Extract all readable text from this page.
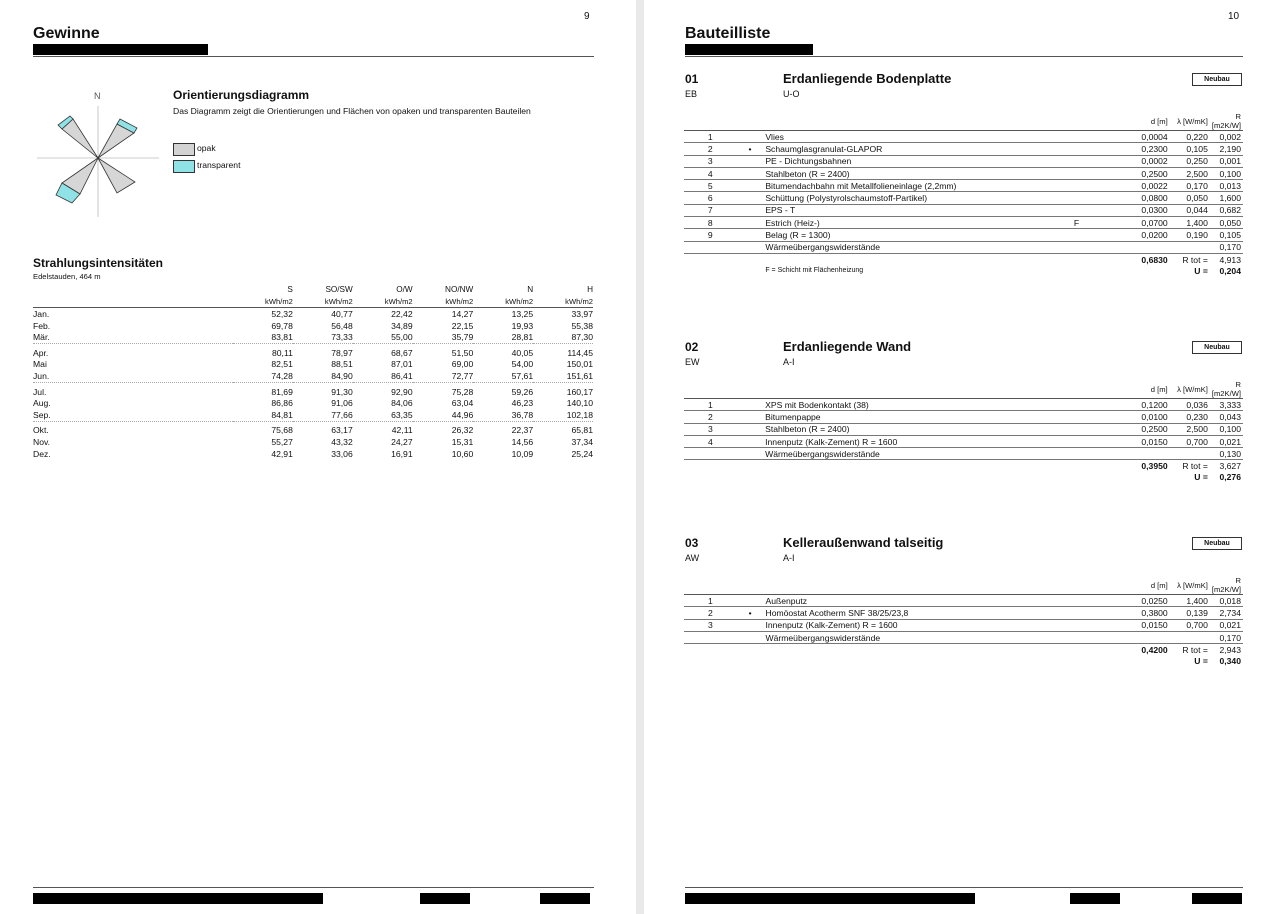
9
Gewinne
N	Orientierungsdiagramm
Das Diagramm zeigt die Orientierungen und Flächen von opaken und transparenten Bauteilen
opak
transparent
Strahlungsintensitäten
Edelstauden, 464 m
	S	SO/SW	O/W	NO/NW	N	H
	kWh/m2	kWh/m2	kWh/m2	kWh/m2	kWh/m2	kWh/m2
Jan.	52,32	40,77	22,42	14,27	13,25	33,97
Feb.	69,78	56,48	34,89	22,15	19,93	55,38
Mär.	83,81	73,33	55,00	35,79	28,81	87,30
Apr.	80,11	78,97	68,67	51,50	40,05	114,45
Mai	82,51	88,51	87,01	69,00	54,00	150,01
Jun.	74,28	84,90	86,41	72,77	57,61	151,61
Jul.	81,69	91,30	92,90	75,28	59,26	160,17
Aug.	86,86	91,06	84,06	63,04	46,23	140,10
Sep.	84,81	77,66	63,35	44,96	36,78	102,18
Okt.	75,68	63,17	42,11	26,32	22,37	65,81
Nov.	55,27	43,32	24,27	15,31	14,56	37,34
Dez.	42,91	33,06	16,91	10,60	10,09	25,24
10
Bauteilliste
01
EB
Erdanliegende Bodenplatte
U-O
Neubau
				d [m]	λ [W/mK]	R [m2K/W]
1		Vlies		0,0004	0,220	0,002
2	•	Schaumglasgranulat-GLAPOR		0,2300	0,105	2,190
3		PE - Dichtungsbahnen		0,0002	0,250	0,001
4		Stahlbeton (R = 2400)		0,2500	2,500	0,100
5		Bitumendachbahn mit Metallfolieneinlage (2,2mm)		0,0022	0,170	0,013
6		Schüttung (Polystyrolschaumstoff-Partikel)		0,0800	0,050	1,600
7		EPS - T		0,0300	0,044	0,682
8		Estrich (Heiz-)	F	0,0700	1,400	0,050
9		Belag (R = 1300)		0,0200	0,190	0,105
		Wärmeübergangswiderstände				0,170
				0,6830	R tot =	4,913
		F = Schicht mit Flächenheizung			U =	0,204
02
EW
Erdanliegende Wand
A-I
Neubau
				d [m]	λ [W/mK]	R [m2K/W]
1		XPS mit Bodenkontakt (38)		0,1200	0,036	3,333
2		Bitumenpappe		0,0100	0,230	0,043
3		Stahlbeton (R = 2400)		0,2500	2,500	0,100
4		Innenputz (Kalk-Zement) R = 1600		0,0150	0,700	0,021
		Wärmeübergangswiderstände				0,130
				0,3950	R tot =	3,627
					U =	0,276
03
AW
Kelleraußenwand talseitig
A-I
Neubau
				d [m]	λ [W/mK]	R [m2K/W]
1		Außenputz		0,0250	1,400	0,018
2	•	Homöostat Acotherm SNF 38/25/23,8		0,3800	0,139	2,734
3		Innenputz (Kalk-Zement) R = 1600		0,0150	0,700	0,021
		Wärmeübergangswiderstände				0,170
				0,4200	R tot =	2,943
					U =	0,340
